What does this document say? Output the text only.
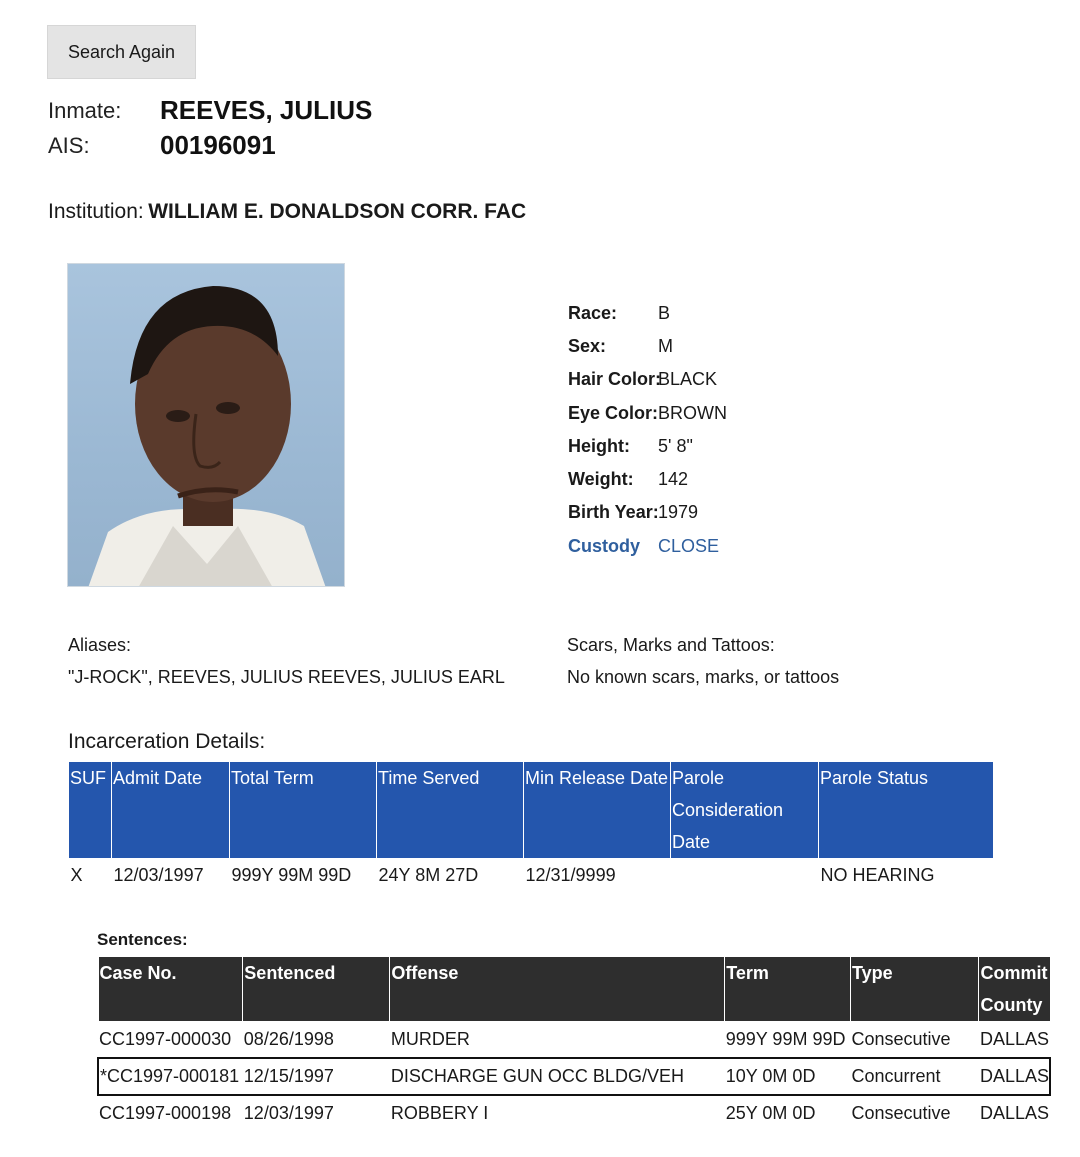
Search Again
Inmate: REEVES, JULIUS
AIS:	00196091
Institution: WILLIAM E. DONALDSON CORR. FAC
Race: B
Sex:	M
Hair Color:
BLACK
Eye Color: BROWN
Height: 5' 8"
Weight: 142
Birth Year: 1979
Custody CLOSE
Aliases:
"J-ROCK", REEVES, JULIUS REEVES, JULIUS EARL
Scars, Marks and Tattoos:
No known scars, marks, or tattoos
Incarceration Details:
SUF	Admit Date	Total Term	Time Served	Min Release Date	Parole Consideration Date	Parole Status
X	12/03/1997	999Y 99M 99D	24Y 8M 27D	12/31/9999		NO HEARING
Sentences:
Case No.	Sentenced	Offense	Term	Type	Commit County
CC1997-000030	08/26/1998	MURDER	999Y 99M 99D	Consecutive	DALLAS
*CC1997-000181	12/15/1997	DISCHARGE GUN OCC BLDG/VEH	10Y 0M 0D	Concurrent	DALLAS
CC1997-000198	12/03/1997	ROBBERY I	25Y 0M 0D	Consecutive	DALLAS
